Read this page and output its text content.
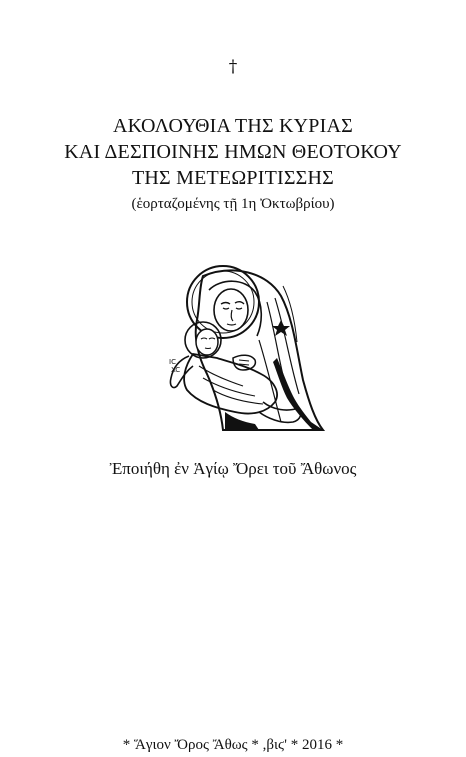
†
ΑΚΟΛΟΥΘΙΑ ΤΗΣ ΚΥΡΙΑΣ
ΚΑΙ ΔΕΣΠΟΙΝΗΣ ΗΜΩΝ ΘΕΟΤΟΚΟΥ
ΤΗΣ ΜΕΤΕΩΡΙΤΙΣΣΗΣ
(ἑορταζομένης τῇ 1η Ὀκτωβρίου)
IC
XC
Ἐποιήθη ἐν Ἁγίῳ Ὄρει τοῦ Ἄθωνος
* Ἅγιον Ὄρος Ἄθως * ,βιϛ' * 2016 *
